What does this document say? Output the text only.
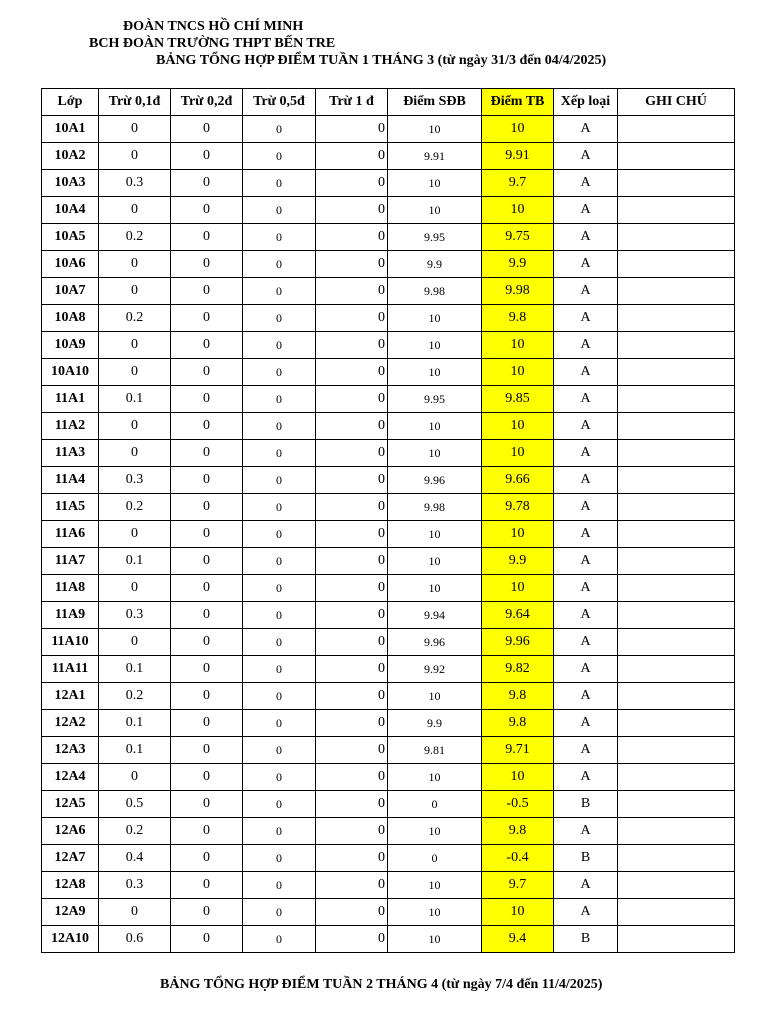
ĐOÀN TNCS HỒ CHÍ MINH
BCH ĐOÀN TRƯỜNG THPT BẾN TRE
BẢNG TỔNG HỢP ĐIỂM TUẦN 1 THÁNG 3 (từ ngày 31/3 đến 04/4/2025)
Lớp	Trừ 0,1đ	Trừ 0,2đ	Trừ 0,5đ	Trừ 1 đ	Điểm SĐB	Điểm TB	Xếp loại	GHI CHÚ
10A1	0	0	0	0	10	10	A	
10A2	0	0	0	0	9.91	9.91	A	
10A3	0.3	0	0	0	10	9.7	A	
10A4	0	0	0	0	10	10	A	
10A5	0.2	0	0	0	9.95	9.75	A	
10A6	0	0	0	0	9.9	9.9	A	
10A7	0	0	0	0	9.98	9.98	A	
10A8	0.2	0	0	0	10	9.8	A	
10A9	0	0	0	0	10	10	A	
10A10	0	0	0	0	10	10	A	
11A1	0.1	0	0	0	9.95	9.85	A	
11A2	0	0	0	0	10	10	A	
11A3	0	0	0	0	10	10	A	
11A4	0.3	0	0	0	9.96	9.66	A	
11A5	0.2	0	0	0	9.98	9.78	A	
11A6	0	0	0	0	10	10	A	
11A7	0.1	0	0	0	10	9.9	A	
11A8	0	0	0	0	10	10	A	
11A9	0.3	0	0	0	9.94	9.64	A	
11A10	0	0	0	0	9.96	9.96	A	
11A11	0.1	0	0	0	9.92	9.82	A	
12A1	0.2	0	0	0	10	9.8	A	
12A2	0.1	0	0	0	9.9	9.8	A	
12A3	0.1	0	0	0	9.81	9.71	A	
12A4	0	0	0	0	10	10	A	
12A5	0.5	0	0	0	0	-0.5	B	
12A6	0.2	0	0	0	10	9.8	A	
12A7	0.4	0	0	0	0	-0.4	B	
12A8	0.3	0	0	0	10	9.7	A	
12A9	0	0	0	0	10	10	A	
12A10	0.6	0	0	0	10	9.4	B	
BẢNG TỔNG HỢP ĐIỂM TUẦN 2 THÁNG 4 (từ ngày 7/4 đến 11/4/2025)
